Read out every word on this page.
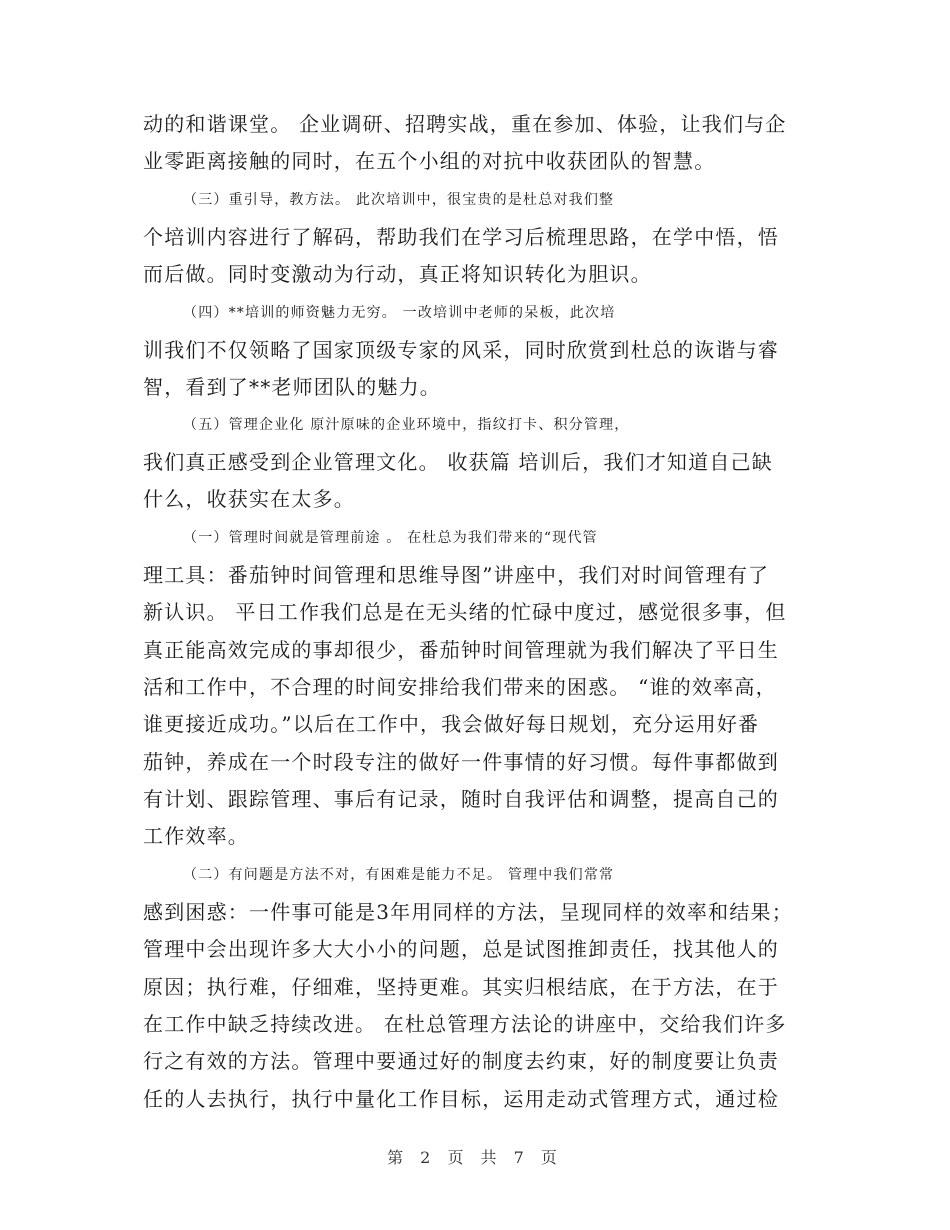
动的和谐课堂。 企业调研、招聘实战，重在参加、体验，让我们与企
业零距离接触的同时，在五个小组的对抗中收获团队的智慧。
（三）重引导，教方法。 此次培训中，很宝贵的是杜总对我们整
个培训内容进行了解码，帮助我们在学习后梳理思路，在学中悟，悟
而后做。同时变激动为行动，真正将知识转化为胆识。
（四）**培训的师资魅力无穷。 一改培训中老师的呆板，此次培
训我们不仅领略了国家顶级专家的风采，同时欣赏到杜总的诙谐与睿
智，看到了**老师团队的魅力。
（五）管理企业化 原汁原味的企业环境中，指纹打卡、积分管理，
我们真正感受到企业管理文化。 收获篇 培训后，我们才知道自己缺
什么，收获实在太多。
（一）管理时间就是管理前途 。 在杜总为我们带来的“现代管
理工具：番茄钟时间管理和思维导图”讲座中，我们对时间管理有了
新认识。 平日工作我们总是在无头绪的忙碌中度过，感觉很多事，但
真正能高效完成的事却很少，番茄钟时间管理就为我们解决了平日生
活和工作中，不合理的时间安排给我们带来的困惑。 “谁的效率高，
谁更接近成功。”以后在工作中，我会做好每日规划，充分运用好番
茄钟，养成在一个时段专注的做好一件事情的好习惯。每件事都做到
有计划、跟踪管理、事后有记录，随时自我评估和调整，提高自己的
工作效率。
（二）有问题是方法不对，有困难是能力不足。 管理中我们常常
感到困惑：一件事可能是3年用同样的方法，呈现同样的效率和结果；
管理中会出现许多大大小小的问题，总是试图推卸责任，找其他人的
原因；执行难，仔细难，坚持更难。其实归根结底，在于方法，在于
在工作中缺乏持续改进。 在杜总管理方法论的讲座中，交给我们许多
行之有效的方法。管理中要通过好的制度去约束，好的制度要让负责
任的人去执行，执行中量化工作目标，运用走动式管理方式，通过检
第 2 页 共 7 页
